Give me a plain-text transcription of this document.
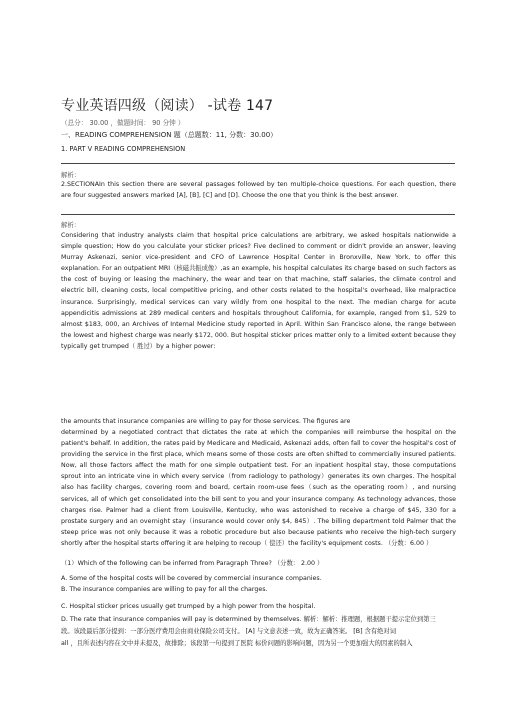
专业英语四级（阅读） -试卷 147
（总分： 30.00 ，做题时间： 90 分钟 ）
一、READING COMPREHENSION 题（总题数：11, 分数：30.00）
1. PART V READING COMPREHENSION
解析：
2.SECTIONAIn this section there are several passages followed by ten multiple-choice questions. For each question, there are four suggested answers marked [A], [B], [C] and [D]. Choose the one that you think is the best answer.
解析：
Considering that industry analysts claim that hospital price calculations are arbitrary, we asked hospitals nationwide a simple question; How do you calculate your sticker prices? Five declined to comment or didn't provide an answer, leaving Murray Askenazi, senior vice-president and CFO of Lawrence Hospital Center in Bronxville, New York, to offer this explanation. For an outpatient MRI（核磁共振成像）,as an example, his hospital calculates its charge based on such factors as the cost of buying or leasing the machinery, the wear and tear on that machine, staff salaries, the climate control and electric bill, cleaning costs, local competitive pricing, and other costs related to the hospital's overhead, like malpractice insurance. Surprisingly, medical services can vary wildly from one hospital to the next. The median charge for acute appendicitis admissions at 289 medical centers and hospitals throughout California, for example, ranged from $1, 529 to almost $183, 000, an Archives of Internal Medicine study reported in April. Within San Francisco alone, the range between the lowest and highest charge was nearly $172, 000. But hospital sticker prices matter only to a limited extent because they typically get trumped（ 胜过）by a higher power:
the amounts that insurance companies are willing to pay for those services. The figures are
determined by a negotiated contract that dictates the rate at which the companies will reimburse the hospital on the patient's behalf. In addition, the rates paid by Medicare and Medicaid, Askenazi adds, often fall to cover the hospital's cost of providing the service in the first place, which means some of those costs are often shifted to commercially insured patients. Now, all those factors affect the math for one simple outpatient test. For an inpatient hospital stay, those computations sprout into an intricate vine in which every service（from radiology to pathology）generates its own charges. The hospital also has facility charges, covering room and board, certain room-use fees（such as the operating room）, and nursing services, all of which get consolidated into the bill sent to you and your insurance company. As technology advances, those charges rise. Palmer had a client from Louisville, Kentucky, who was astonished to receive a charge of $45, 330 for a prostate surgery and an overnight stay（insurance would cover only $4, 845）. The billing department told Palmer that the steep price was not only because it was a robotic procedure but also because patients who receive the high-tech surgery shortly after the hospital starts offering it are helping to recoup（ 偿还）the facility's equipment costs. （分数：6.00 ）
（1）Which of the following can be inferred from Paragraph Three? （分数： 2.00 ）
A. Some of the hospital costs will be covered by commercial insurance companies.
B. The insurance companies are willing to pay for all the charges.
C. Hospital sticker prices usually get trumped by a high power from the hospital.
D. The rate that insurance companies will pay is determined by themselves. 解析：解析：推理题，根据题干提示定位到第三
段。该段最后部分提到：一部分医疗费用会由商业保险公司支付。 [A] 与文意表述一致，故为正确答案。 [B] 含有绝对词
all ，且所表述内容在文中并未提及，故排除；该段第一句提到了医院 标价问题的影响问题，因为另一个更加强大的因素的制入
